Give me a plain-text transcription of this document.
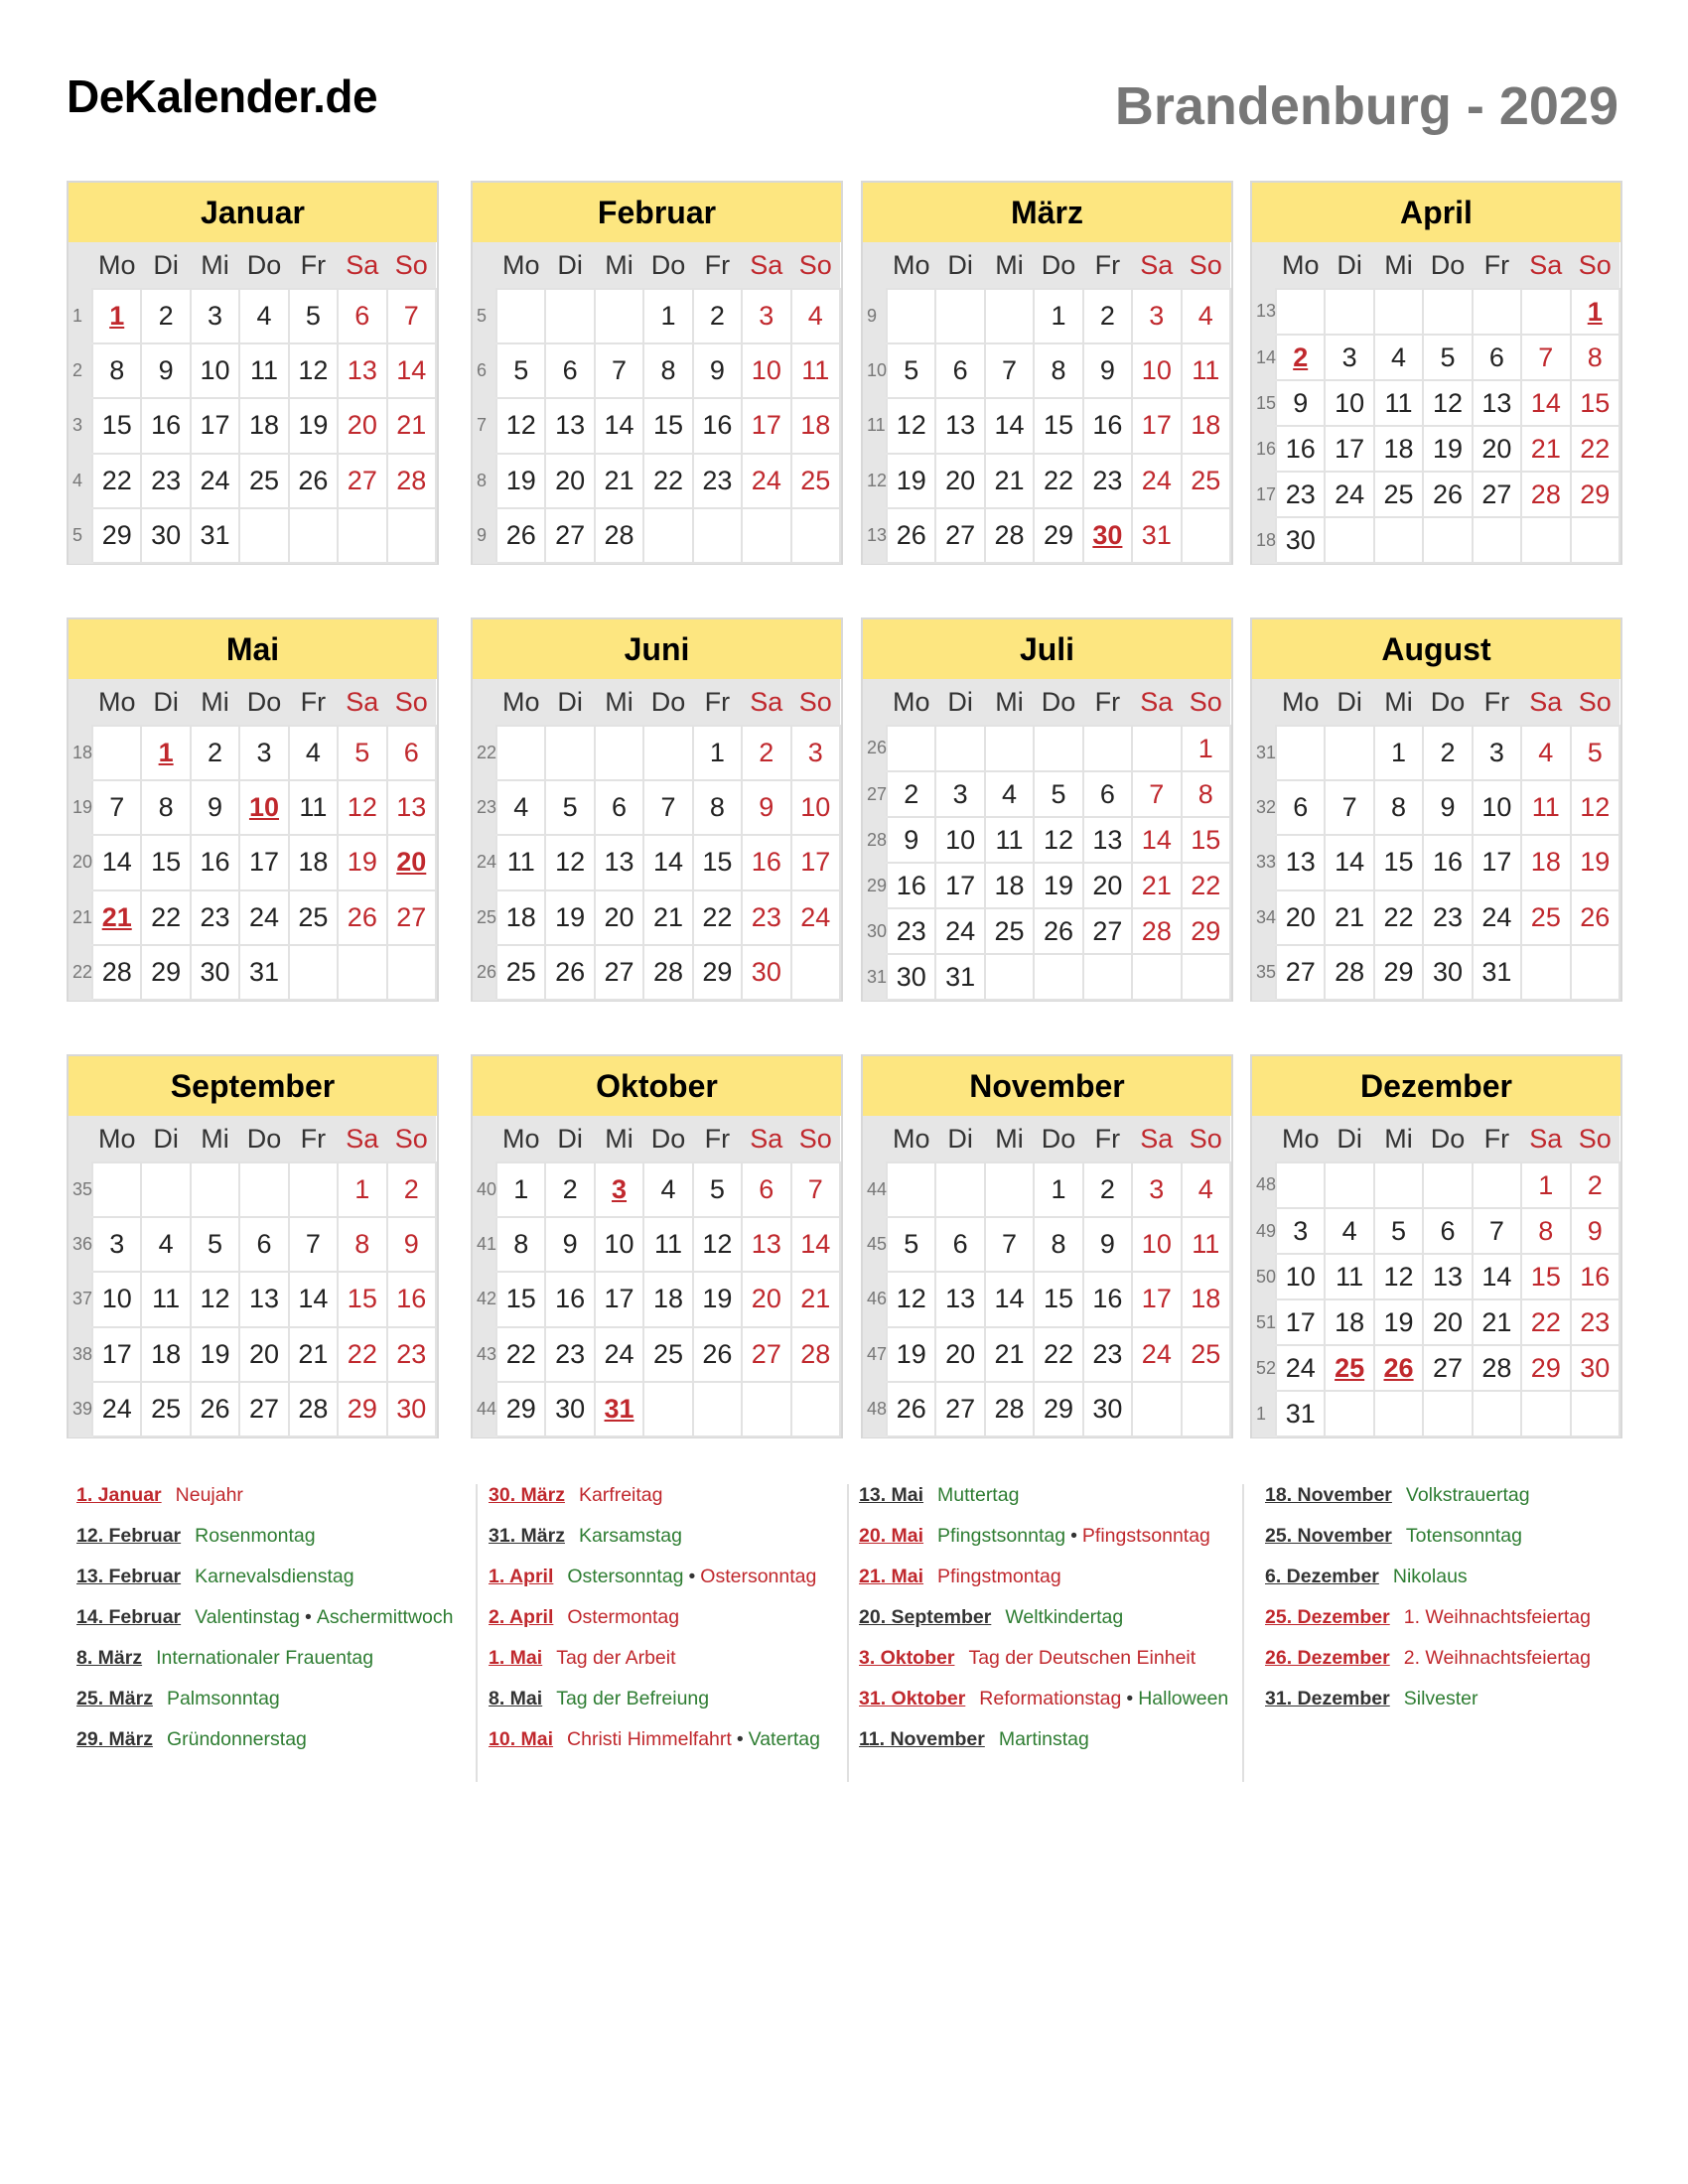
DeKalender.de	Brandenburg - 2029
Januar
	Mo	Di	Mi	Do	Fr	Sa	So
1	1	2	3	4	5	6	7
2	8	9	10	11	12	13	14
3	15	16	17	18	19	20	21
4	22	23	24	25	26	27	28
5	29	30	31				
Februar
	Mo	Di	Mi	Do	Fr	Sa	So
5				1	2	3	4
6	5	6	7	8	9	10	11
7	12	13	14	15	16	17	18
8	19	20	21	22	23	24	25
9	26	27	28				
März
	Mo	Di	Mi	Do	Fr	Sa	So
9				1	2	3	4
10	5	6	7	8	9	10	11
11	12	13	14	15	16	17	18
12	19	20	21	22	23	24	25
13	26	27	28	29	30	31	
April
	Mo	Di	Mi	Do	Fr	Sa	So
13							1
14	2	3	4	5	6	7	8
15	9	10	11	12	13	14	15
16	16	17	18	19	20	21	22
17	23	24	25	26	27	28	29
18	30						
Mai
	Mo	Di	Mi	Do	Fr	Sa	So
18		1	2	3	4	5	6
19	7	8	9	10	11	12	13
20	14	15	16	17	18	19	20
21	21	22	23	24	25	26	27
22	28	29	30	31			
Juni
	Mo	Di	Mi	Do	Fr	Sa	So
22					1	2	3
23	4	5	6	7	8	9	10
24	11	12	13	14	15	16	17
25	18	19	20	21	22	23	24
26	25	26	27	28	29	30	
Juli
	Mo	Di	Mi	Do	Fr	Sa	So
26							1
27	2	3	4	5	6	7	8
28	9	10	11	12	13	14	15
29	16	17	18	19	20	21	22
30	23	24	25	26	27	28	29
31	30	31					
August
	Mo	Di	Mi	Do	Fr	Sa	So
31			1	2	3	4	5
32	6	7	8	9	10	11	12
33	13	14	15	16	17	18	19
34	20	21	22	23	24	25	26
35	27	28	29	30	31		
September
	Mo	Di	Mi	Do	Fr	Sa	So
35						1	2
36	3	4	5	6	7	8	9
37	10	11	12	13	14	15	16
38	17	18	19	20	21	22	23
39	24	25	26	27	28	29	30
Oktober
	Mo	Di	Mi	Do	Fr	Sa	So
40	1	2	3	4	5	6	7
41	8	9	10	11	12	13	14
42	15	16	17	18	19	20	21
43	22	23	24	25	26	27	28
44	29	30	31				
November
	Mo	Di	Mi	Do	Fr	Sa	So
44				1	2	3	4
45	5	6	7	8	9	10	11
46	12	13	14	15	16	17	18
47	19	20	21	22	23	24	25
48	26	27	28	29	30		
Dezember
	Mo	Di	Mi	Do	Fr	Sa	So
48						1	2
49	3	4	5	6	7	8	9
50	10	11	12	13	14	15	16
51	17	18	19	20	21	22	23
52	24	25	26	27	28	29	30
1	31						
1. Januar Neujahr
12. Februar Rosenmontag
13. Februar Karnevalsdienstag
14. Februar Valentinstag • Aschermittwoch
8. März Internationaler Frauentag
25. März Palmsonntag
29. März Gründonnerstag
30. März Karfreitag
31. März Karsamstag
1. April Ostersonntag • Ostersonntag
2. April Ostermontag
1. Mai Tag der Arbeit
8. Mai Tag der Befreiung
10. Mai Christi Himmelfahrt • Vatertag
13. Mai Muttertag
20. Mai Pfingstsonntag • Pfingstsonntag
21. Mai Pfingstmontag
20. September Weltkindertag
3. Oktober Tag der Deutschen Einheit
31. Oktober Reformationstag • Halloween
11. November Martinstag
18. November Volkstrauertag
25. November Totensonntag
6. Dezember Nikolaus
25. Dezember 1. Weihnachtsfeiertag
26. Dezember 2. Weihnachtsfeiertag
31. Dezember Silvester
